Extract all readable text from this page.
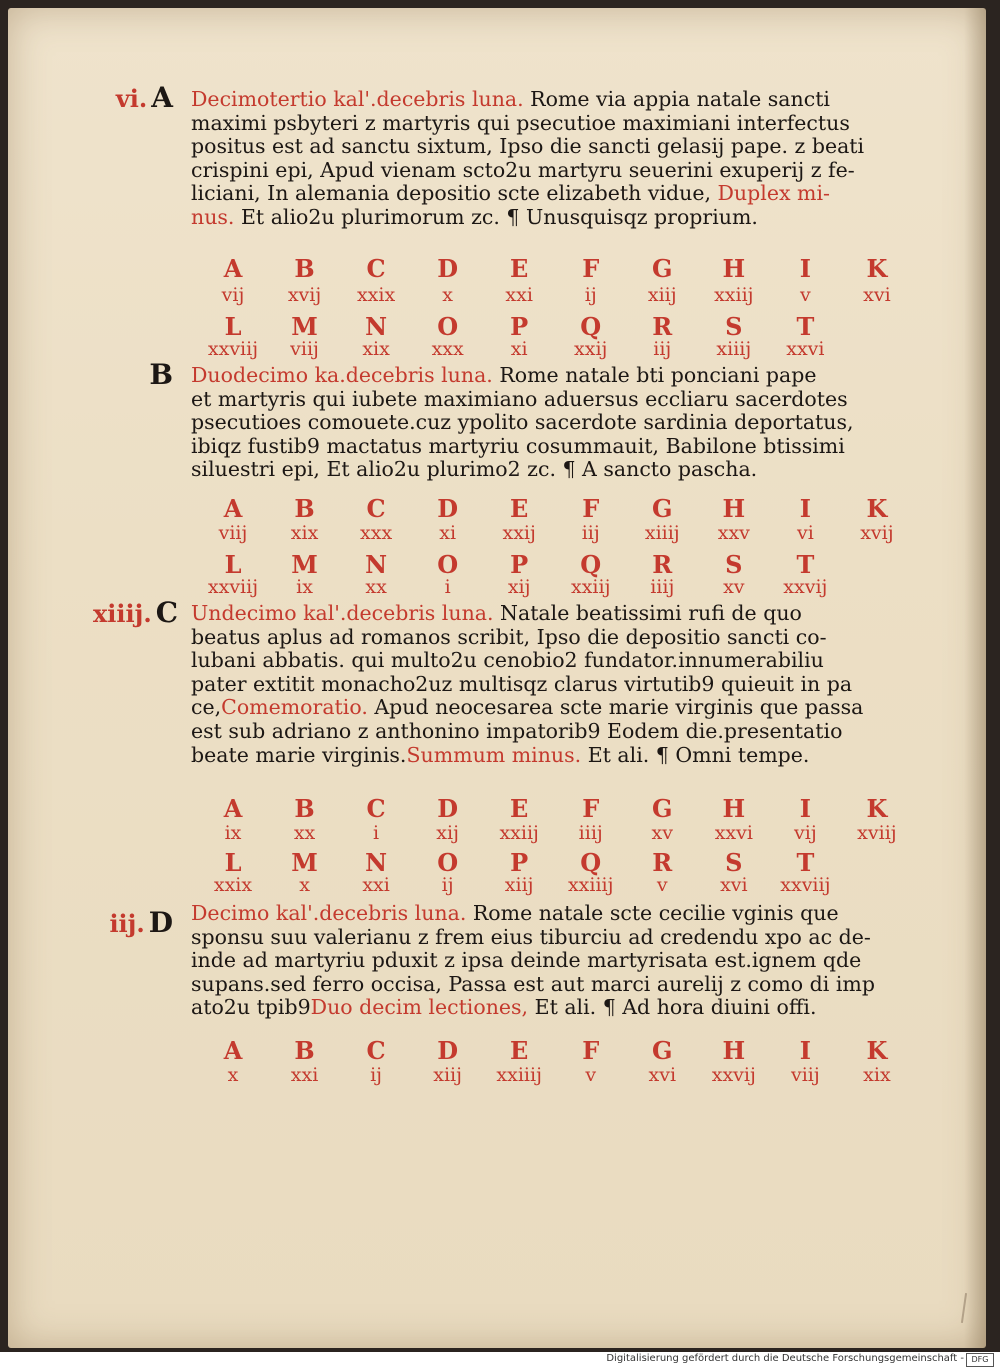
vi. A Decimotertio kal'.decebris luna. Rome via appia natale sancti
maximi psbyteri z martyris qui psecutioe maximiani interfectus
positus est ad sanctu sixtum, Ipso die sancti gelasij pape. z beati
crispini epi, Apud vienam scto2u martyru seuerini exuperij z fe-
liciani, In alemania depositio scte elizabeth vidue, Duplex mi-
nus. Et alio2u plurimorum zc. ¶ Unusquisqz proprium.
A	B	C	D	E	F	G	H	I	K
vij	xvij	xxix	x	xxi	ij	xiij	xxiij	v	xvi
L	M	N	O	P	Q	R	S	T
xxviij	viij	xix	xxx	xi	xxij	iij	xiiij	xxvi
B Duodecimo ka.decebris luna. Rome natale bti ponciani pape
et martyris qui iubete maximiano aduersus eccliaru sacerdotes
psecutioes comouete.cuz ypolito sacerdote sardinia deportatus,
ibiqz fustib9 mactatus martyriu cosummauit, Babilone btissimi
siluestri epi, Et alio2u plurimo2 zc. ¶ A sancto pascha.
A	B	C	D	E	F	G	H	I	K
viij	xix	xxx	xi	xxij	iij	xiiij	xxv	vi	xvij
L	M	N	O	P	Q	R	S	T
xxviij	ix	xx	i	xij	xxiij	iiij	xv	xxvij
xiiij. C Undecimo kal'.decebris luna. Natale beatissimi rufi de quo
beatus aplus ad romanos scribit, Ipso die depositio sancti co-
lubani abbatis. qui multo2u cenobio2 fundator.innumerabiliu
pater extitit monacho2uz multisqz clarus virtutib9 quieuit in pa
ce,Comemoratio. Apud neocesarea scte marie virginis que passa
est sub adriano z anthonino impatorib9 Eodem die.presentatio
beate marie virginis.Summum minus. Et ali. ¶ Omni tempe.
A	B	C	D	E	F	G	H	I	K
ix	xx	i	xij	xxiij	iiij	xv	xxvi	vij	xviij
L	M	N	O	P	Q	R	S	T
xxix	x	xxi	ij	xiij	xxiiij	v	xvi	xxviij
iij. D Decimo kal'.decebris luna. Rome natale scte cecilie vginis que
sponsu suu valerianu z frem eius tiburciu ad credendu xpo ac de-
inde ad martyriu pduxit z ipsa deinde martyrisata est.ignem qde
supans.sed ferro occisa, Passa est aut marci aurelij z como di imp
ato2u tpib9Duo decim lectiones, Et ali. ¶ Ad hora diuini offi.
A	B	C	D	E	F	G	H	I	K
x	xxi	ij	xiij	xxiiij	v	xvi	xxvij	viij	xix
Digitalisierung gefördert durch die Deutsche Forschungsgemeinschaft - DFG
